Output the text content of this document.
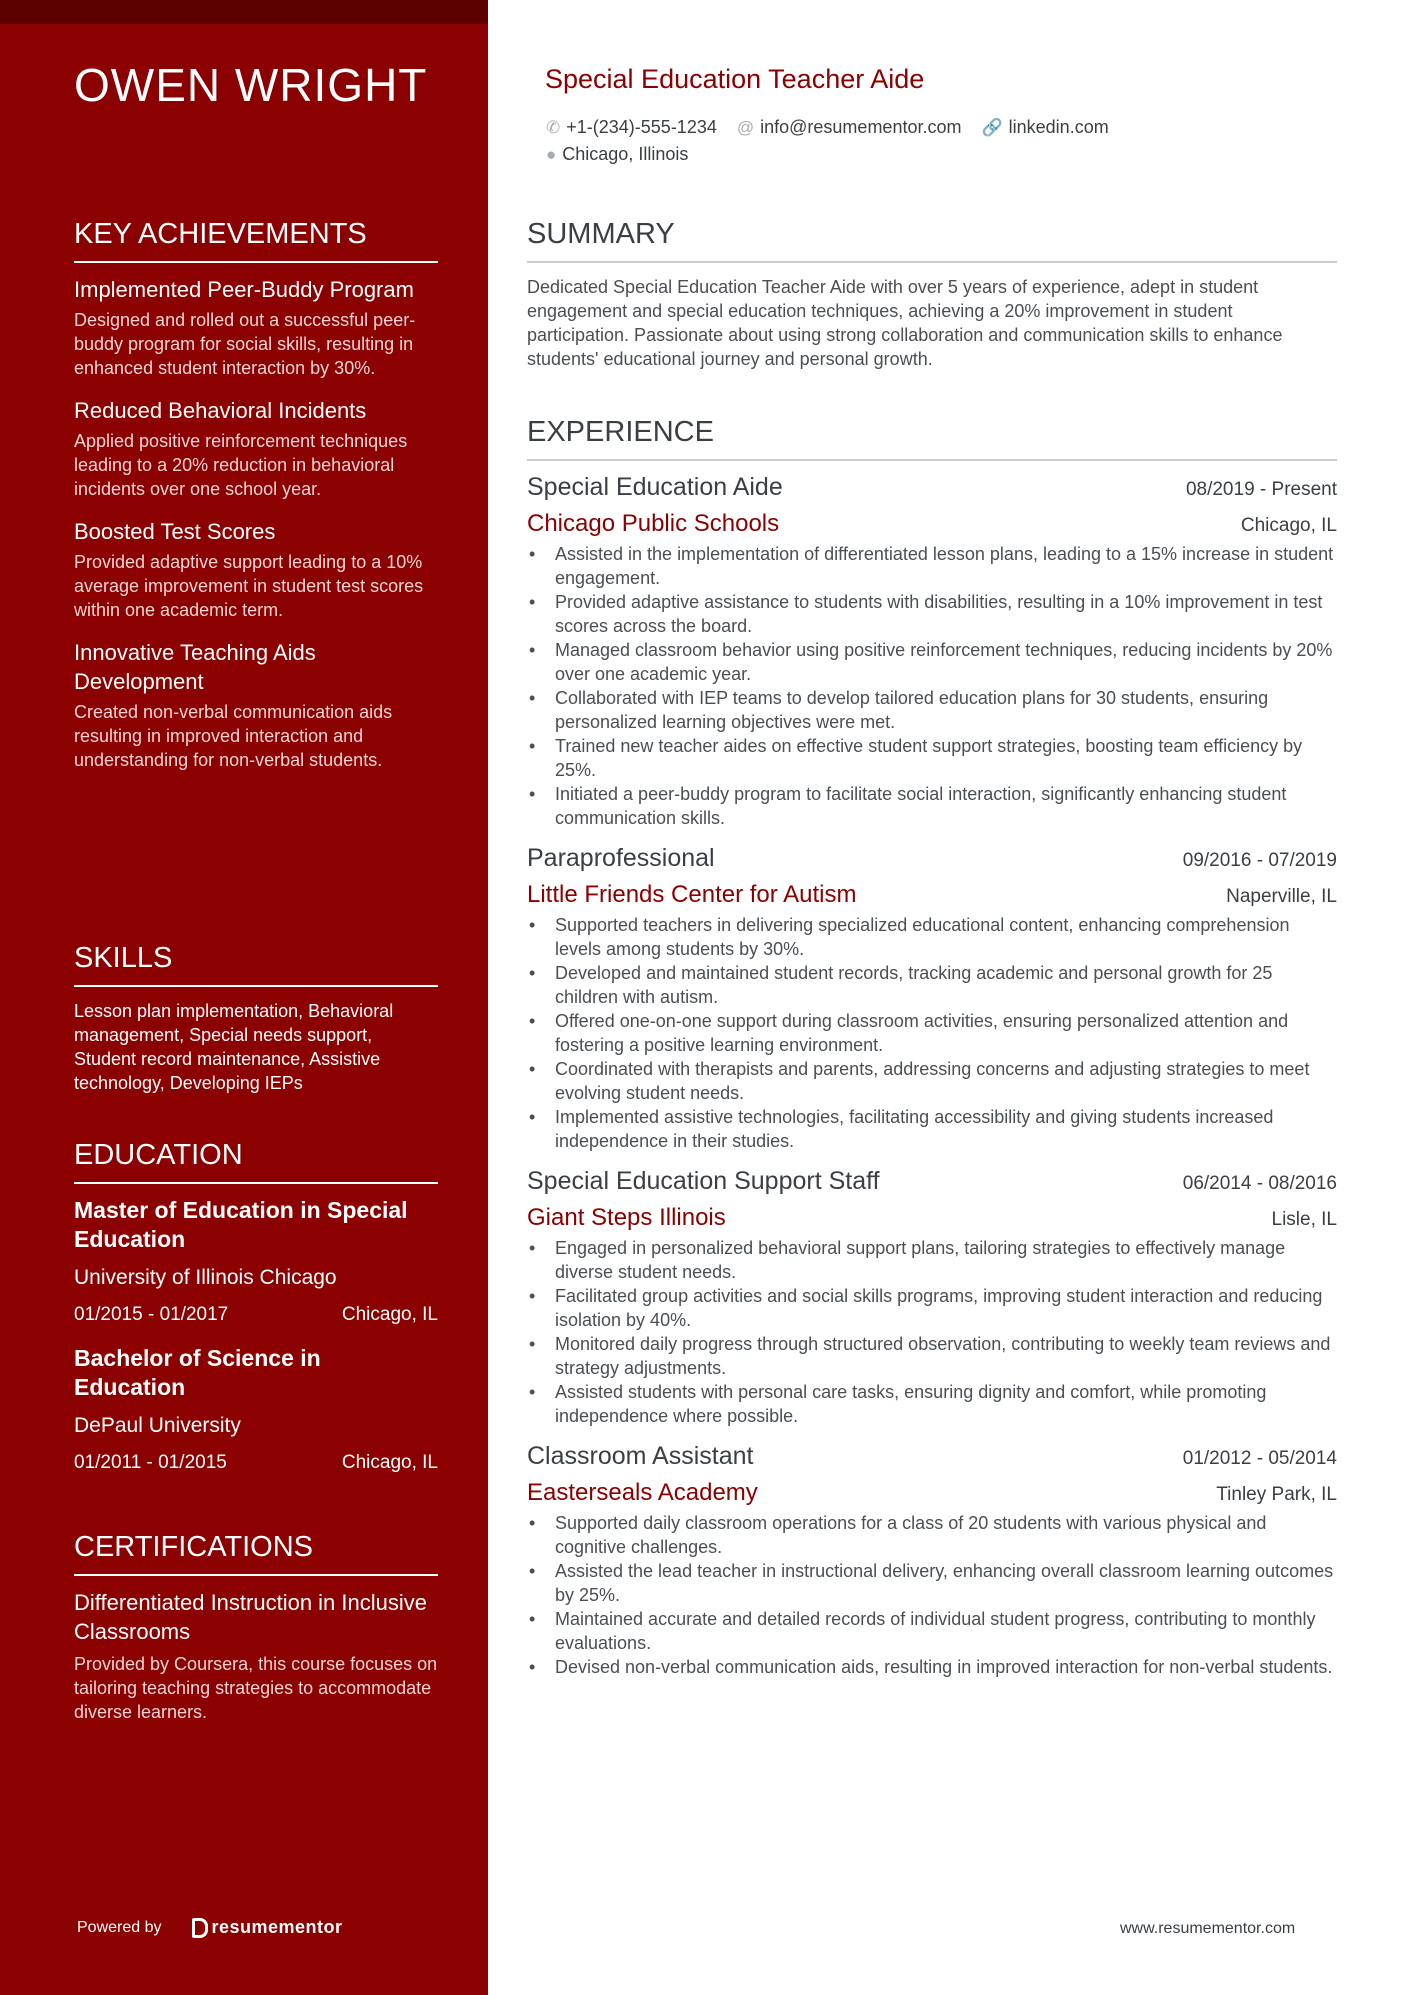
OWEN WRIGHT
KEY ACHIEVEMENTS
Implemented Peer-Buddy Program
Designed and rolled out a successful peer-buddy program for social skills, resulting in enhanced student interaction by 30%.
Reduced Behavioral Incidents
Applied positive reinforcement techniques leading to a 20% reduction in behavioral incidents over one school year.
Boosted Test Scores
Provided adaptive support leading to a 10% average improvement in student test scores within one academic term.
Innovative Teaching Aids Development
Created non-verbal communication aids resulting in improved interaction and understanding for non-verbal students.
SKILLS
Lesson plan implementation, Behavioral management, Special needs support, Student record maintenance, Assistive technology, Developing IEPs
EDUCATION
Master of Education in Special Education
University of Illinois Chicago
01/2015 - 01/2017	Chicago, IL
Bachelor of Science in Education
DePaul University
01/2011 - 01/2015	Chicago, IL
CERTIFICATIONS
Differentiated Instruction in Inclusive Classrooms
Provided by Coursera, this course focuses on tailoring teaching strategies to accommodate diverse learners.
Powered by	resumementor
Special Education Teacher Aide
✆ +1-(234)-555-1234 @ info@resumementor.com 🔗 linkedin.com
● Chicago, Illinois
SUMMARY
Dedicated Special Education Teacher Aide with over 5 years of experience, adept in student engagement and special education techniques, achieving a 20% improvement in student participation. Passionate about using strong collaboration and communication skills to enhance students' educational journey and personal growth.
EXPERIENCE
Special Education Aide	08/2019 - Present
Chicago Public Schools	Chicago, IL
• Assisted in the implementation of differentiated lesson plans, leading to a 15% increase in student engagement.
• Provided adaptive assistance to students with disabilities, resulting in a 10% improvement in test scores across the board.
• Managed classroom behavior using positive reinforcement techniques, reducing incidents by 20% over one academic year.
• Collaborated with IEP teams to develop tailored education plans for 30 students, ensuring personalized learning objectives were met.
• Trained new teacher aides on effective student support strategies, boosting team efficiency by 25%.
• Initiated a peer-buddy program to facilitate social interaction, significantly enhancing student communication skills.
Paraprofessional	09/2016 - 07/2019
Little Friends Center for Autism	Naperville, IL
• Supported teachers in delivering specialized educational content, enhancing comprehension levels among students by 30%.
• Developed and maintained student records, tracking academic and personal growth for 25 children with autism.
• Offered one-on-one support during classroom activities, ensuring personalized attention and fostering a positive learning environment.
• Coordinated with therapists and parents, addressing concerns and adjusting strategies to meet evolving student needs.
• Implemented assistive technologies, facilitating accessibility and giving students increased independence in their studies.
Special Education Support Staff	06/2014 - 08/2016
Giant Steps Illinois	Lisle, IL
• Engaged in personalized behavioral support plans, tailoring strategies to effectively manage diverse student needs.
• Facilitated group activities and social skills programs, improving student interaction and reducing isolation by 40%.
• Monitored daily progress through structured observation, contributing to weekly team reviews and strategy adjustments.
• Assisted students with personal care tasks, ensuring dignity and comfort, while promoting independence where possible.
Classroom Assistant	01/2012 - 05/2014
Easterseals Academy	Tinley Park, IL
• Supported daily classroom operations for a class of 20 students with various physical and cognitive challenges.
• Assisted the lead teacher in instructional delivery, enhancing overall classroom learning outcomes by 25%.
• Maintained accurate and detailed records of individual student progress, contributing to monthly evaluations.
• Devised non-verbal communication aids, resulting in improved interaction for non-verbal students.
www.resumementor.com
